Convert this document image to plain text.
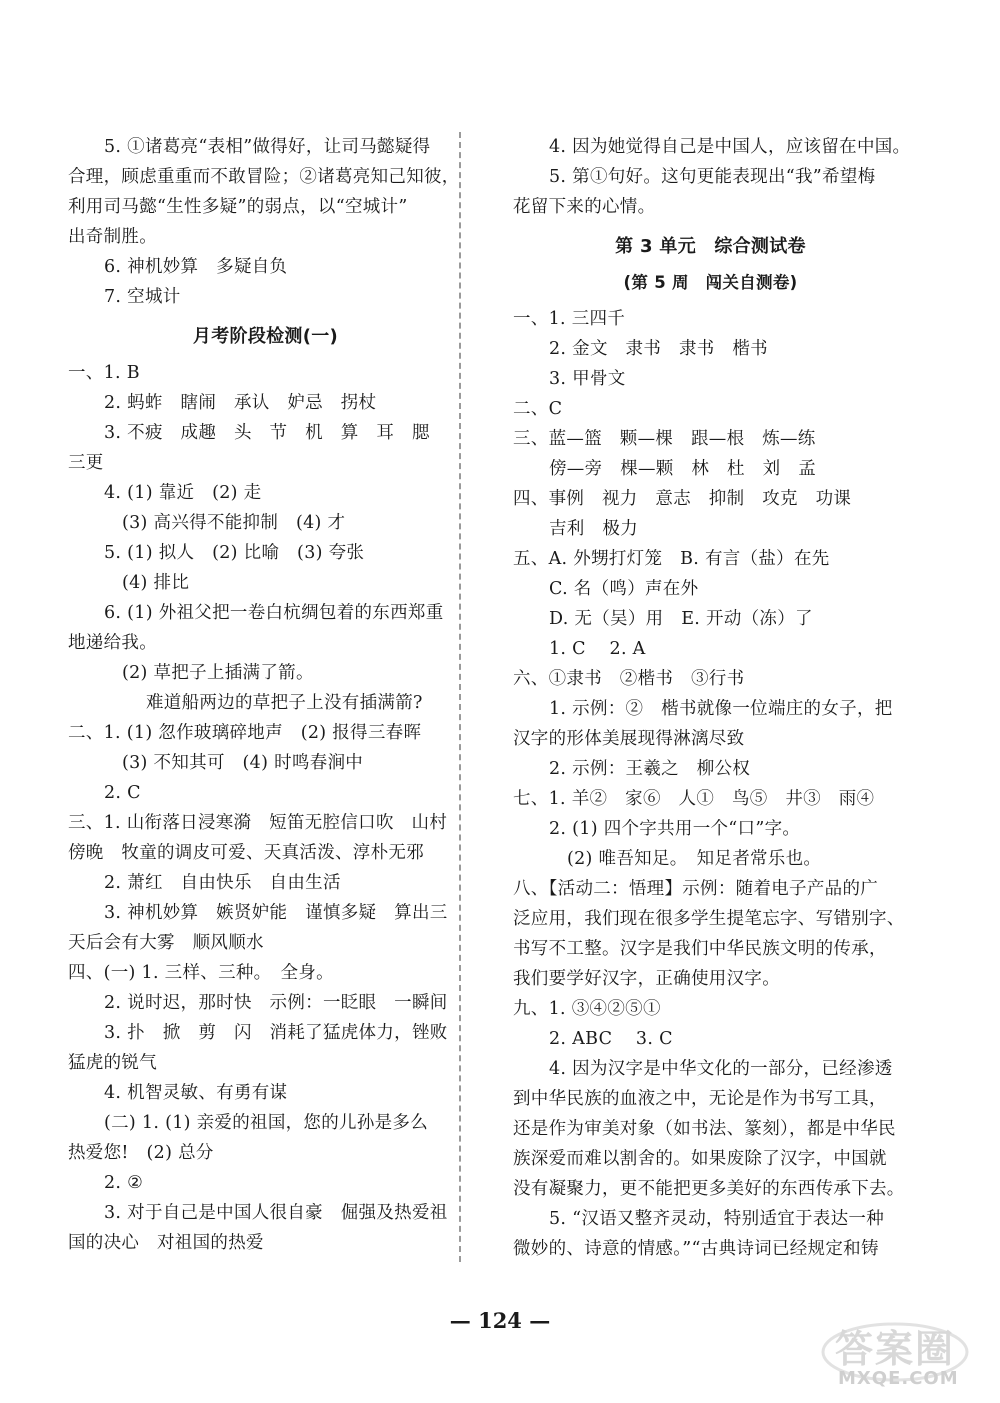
5. ①诸葛亮“表相”做得好，让司马懿疑得
合理，顾虑重重而不敢冒险；②诸葛亮知己知彼，
利用司马懿“生性多疑”的弱点，以“空城计”
出奇制胜。
6. 神机妙算　多疑自负
7. 空城计
月考阶段检测(一)
一、1. B
2. 蚂蚱　瞎闹　承认　妒忌　拐杖
3. 不疲　成趣　头　节　机　算　耳　腮
三更
4. (1) 靠近　(2) 走
(3) 高兴得不能抑制　(4) 才
5. (1) 拟人　(2) 比喻　(3) 夸张
(4) 排比
6. (1) 外祖父把一卷白杭绸包着的东西郑重
地递给我。
(2) 草把子上插满了箭。
难道船两边的草把子上没有插满箭?
二、1. (1) 忽作玻璃碎地声　(2) 报得三春晖
(3) 不知其可　(4) 时鸣春涧中
2. C
三、1. 山衔落日浸寒漪　短笛无腔信口吹　山村
傍晚　牧童的调皮可爱、天真活泼、淳朴无邪
2. 萧红　自由快乐　自由生活
3. 神机妙算　嫉贤妒能　谨慎多疑　算出三
天后会有大雾　顺风顺水
四、(一) 1. 三样、三种。　全身。
2. 说时迟，那时快　示例：一眨眼　一瞬间
3. 扑　掀　剪　闪　消耗了猛虎体力，锉败
猛虎的锐气
4. 机智灵敏、有勇有谋
(二) 1. (1) 亲爱的祖国，您的儿孙是多么
热爱您!　(2) 总分
2. ②
3. 对于自己是中国人很自豪　倔强及热爱祖
国的决心　对祖国的热爱
4. 因为她觉得自己是中国人，应该留在中国。
5. 第①句好。这句更能表现出“我”希望梅
花留下来的心情。
第 3 单元　综合测试卷
(第 5 周　闯关自测卷)
一、1. 三四千
2. 金文　隶书　隶书　楷书
3. 甲骨文
二、C
三、蓝—篮　颗—棵　跟—根　炼—练
傍—旁　棵—颗　林　杜　刘　孟
四、事例　视力　意志　抑制　攻克　功课
吉利　极力
五、A. 外甥打灯笼　B. 有言（盐）在先
C. 名（鸣）声在外
D. 无（吴）用　E. 开动（冻）了
1. C　 2. A
六、①隶书　②楷书　③行书
1. 示例：②　楷书就像一位端庄的女子，把
汉字的形体美展现得淋漓尽致
2. 示例：王羲之　柳公权
七、1. 羊②　家⑥　人①　鸟⑤　井③　雨④
2. (1) 四个字共用一个“口”字。
(2) 唯吾知足。　知足者常乐也。
八、【活动二：悟理】示例：随着电子产品的广
泛应用，我们现在很多学生提笔忘字、写错别字、
书写不工整。汉字是我们中华民族文明的传承，
我们要学好汉字，正确使用汉字。
九、1. ③④②⑤①
2. ABC　 3. C
4. 因为汉字是中华文化的一部分，已经渗透
到中华民族的血液之中，无论是作为书写工具，
还是作为审美对象（如书法、篆刻），都是中华民
族深爱而难以割舍的。如果废除了汉字，中国就
没有凝聚力，更不能把更多美好的东西传承下去。
5. “汉语又整齐灵动，特别适宜于表达一种
微妙的、诗意的情感。”“古典诗词已经规定和铸
— 124 —
答案圈
MXQE.COM
